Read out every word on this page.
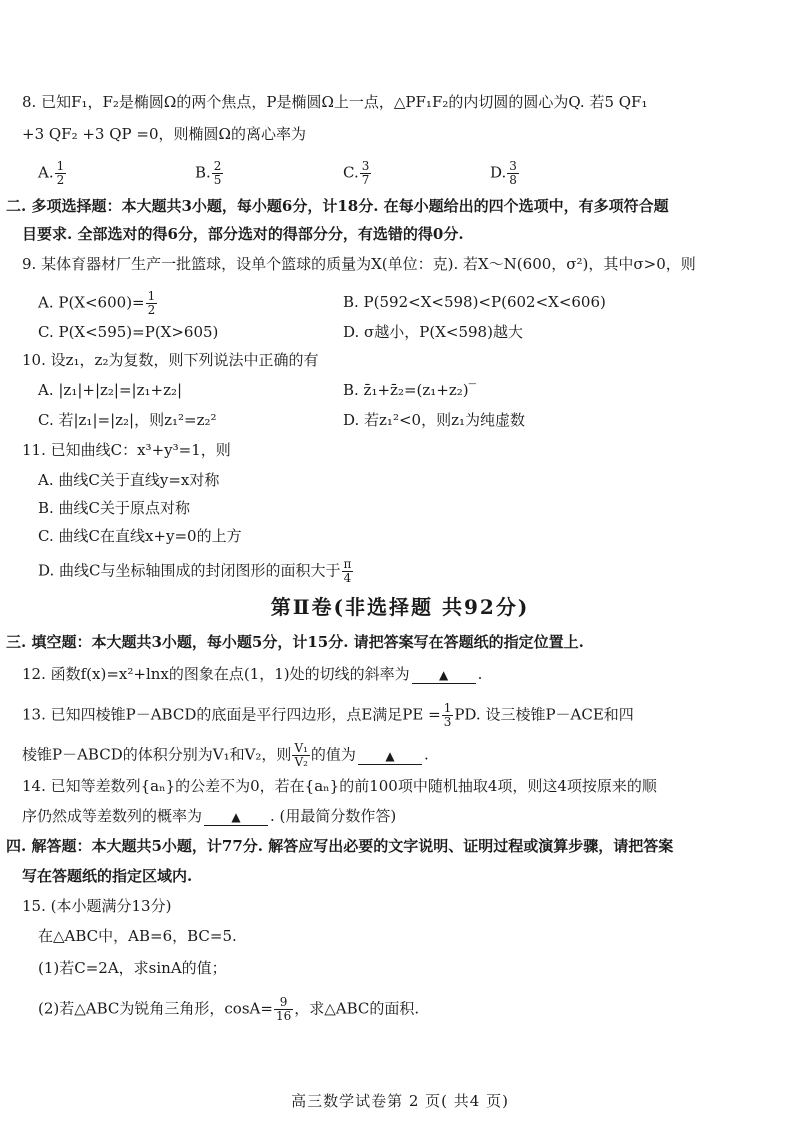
8. 已知F₁，F₂是椭圆Ω的两个焦点，P是椭圆Ω上一点，△PF₁F₂的内切圆的圆心为Q. 若5 QF₁
+3 QF₂ +3 QP =0，则椭圆Ω的离心率为
A. $\frac{1}{2}$	B. $\frac{2}{5}$	C. $\frac{3}{7}$	D. $\frac{3}{8}$
二. 多项选择题：本大题共3小题，每小题6分，计18分. 在每小题给出的四个选项中，有多项符合题
目要求. 全部选对的得6分，部分选对的得部分分，有选错的得0分.
9. 某体育器材厂生产一批篮球，设单个篮球的质量为X(单位：克). 若X～N(600，σ²)，其中σ>0，则
A. $P(X<600)= \frac{1}{2}$	B. P(592<X<598)<P(602<X<606)
C. P(X<595)=P(X>605)	D. σ越小，P(X<598)越大
10. 设z₁，z₂为复数，则下列说法中正确的有
A. |z₁|+|z₂|=|z₁+z₂|	B. z̄₁+z̄₂=(z₁+z₂)‾
C. 若|z₁|=|z₂|，则z₁²=z₂²	D. 若z₁²<0，则z₁为纯虚数
11. 已知曲线C：x³+y³=1，则
A. 曲线C关于直线y=x对称
B. 曲线C关于原点对称
C. 曲线C在直线x+y=0的上方
D. 曲线C与坐标轴围成的封闭图形的面积大于 $\frac{\pi}{4}$
第Ⅱ卷(非选择题 共92分)
三. 填空题：本大题共3小题，每小题5分，计15分. 请把答案写在答题纸的指定位置上.
12. 函数f(x)=x²+lnx的图象在点(1，1)处的切线的斜率为 ▲ .
13. 已知四棱锥P－ABCD的底面是平行四边形，点E满足PE = $\frac{1}{3}$ PD. 设三棱锥P－ACE和四
棱锥P－ABCD的体积分别为V₁和V₂，则 $\frac{\text{V₁}}{\text{V₂}}$ 的值为 ▲ .
14. 已知等差数列{aₙ}的公差不为0，若在{aₙ}的前100项中随机抽取4项，则这4项按原来的顺
序仍然成等差数列的概率为 ▲ . (用最简分数作答)
四. 解答题：本大题共5小题，计77分. 解答应写出必要的文字说明、证明过程或演算步骤，请把答案
写在答题纸的指定区域内.
15. (本小题满分13分)
在△ABC中，AB=6，BC=5.
(1)若C=2A，求sinA的值；
(2)若△ABC为锐角三角形，$\cos A= \frac{9}{16}$ ，求△ABC的面积.
高三数学试卷第 2 页( 共4 页)
